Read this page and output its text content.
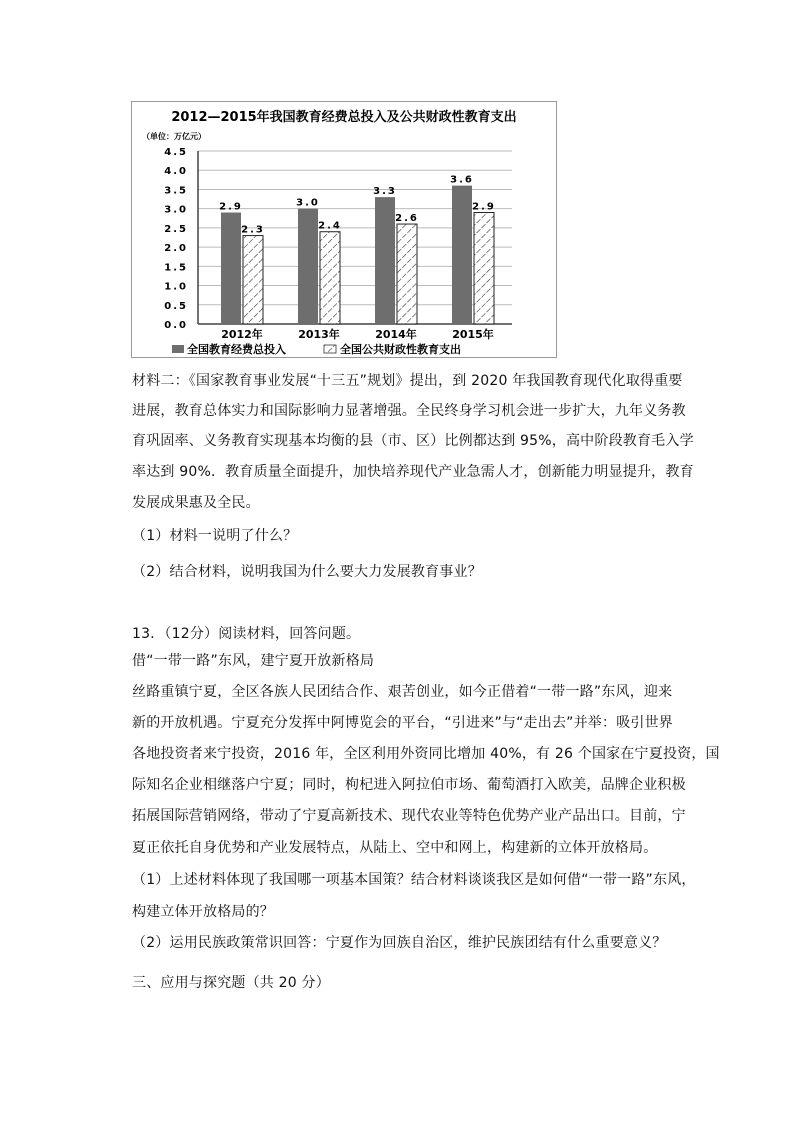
2012—2015年我国教育经费总投入及公共财政性教育支出
（单位：万亿元）
0.0
0.5
1.0
1.5
2.0
2.5
3.0
3.5
4.0
4.5
2.9
2.3
3.0
2.4
3.3
2.6
3.6
2.9
2012年	2013年	2014年	2015年
全国教育经费总投入	全国公共财政性教育支出
材料二：《国家教育事业发展“十三五”规划》提出，到 2020 年我国教育现代化取得重要
进展，教育总体实力和国际影响力显著增强。全民终身学习机会进一步扩大，九年义务教
育巩固率、义务教育实现基本均衡的县（市、区）比例都达到 95%，高中阶段教育毛入学
率达到 90%．教育质量全面提升，加快培养现代产业急需人才，创新能力明显提升，教育
发展成果惠及全民。
（1）材料一说明了什么？
（2）结合材料，说明我国为什么要大力发展教育事业？
13．（12分）阅读材料，回答问题。
借“一带一路”东风，建宁夏开放新格局
丝路重镇宁夏，全区各族人民团结合作、艰苦创业，如今正借着“一带一路”东风，迎来
新的开放机遇。宁夏充分发挥中阿博览会的平台，“引进来”与“走出去”并举：吸引世界
各地投资者来宁投资，2016 年，全区利用外资同比增加 40%，有 26 个国家在宁夏投资，国
际知名企业相继落户宁夏；同时，枸杞进入阿拉伯市场、葡萄酒打入欧美，品牌企业积极
拓展国际营销网络，带动了宁夏高新技术、现代农业等特色优势产业产品出口。目前，宁
夏正依托自身优势和产业发展特点，从陆上、空中和网上，构建新的立体开放格局。
（1）上述材料体现了我国哪一项基本国策？结合材料谈谈我区是如何借“一带一路”东风，
构建立体开放格局的？
（2）运用民族政策常识回答：宁夏作为回族自治区，维护民族团结有什么重要意义？
三、应用与探究题（共 20 分）
